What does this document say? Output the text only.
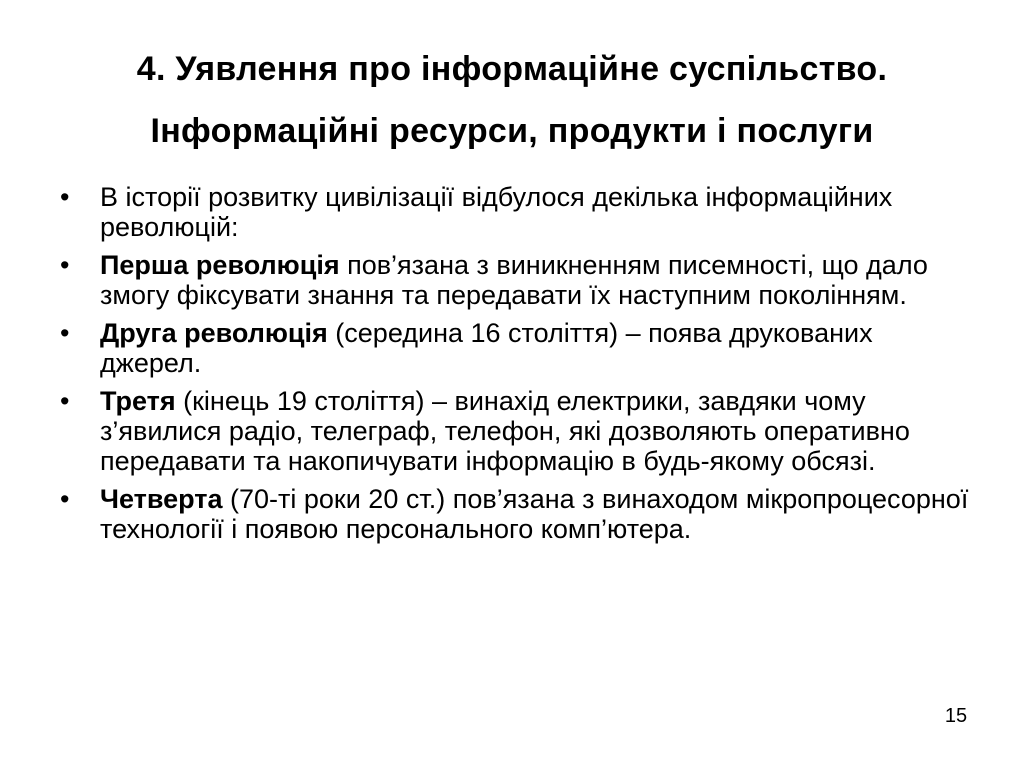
4. Уявлення про інформаційне суспільство.
Інформаційні ресурси, продукти і послуги
•	В історії розвитку цивілізації відбулося декілька інформаційних революцій:
•	Перша революція пов’язана з виникненням писемності, що дало змогу фіксувати знання та передавати їх наступним поколінням.
•	Друга революція (середина 16 століття) – поява друкованих джерел.
•	Третя (кінець 19 століття) – винахід електрики, завдяки чому з’явилися радіо, телеграф, телефон, які дозволяють оперативно передавати та накопичувати інформацію в будь-якому обсязі.
•	Четверта (70-ті роки 20 ст.) пов’язана з винаходом мікропроцесорної технології і появою персонального комп’ютера.
15
